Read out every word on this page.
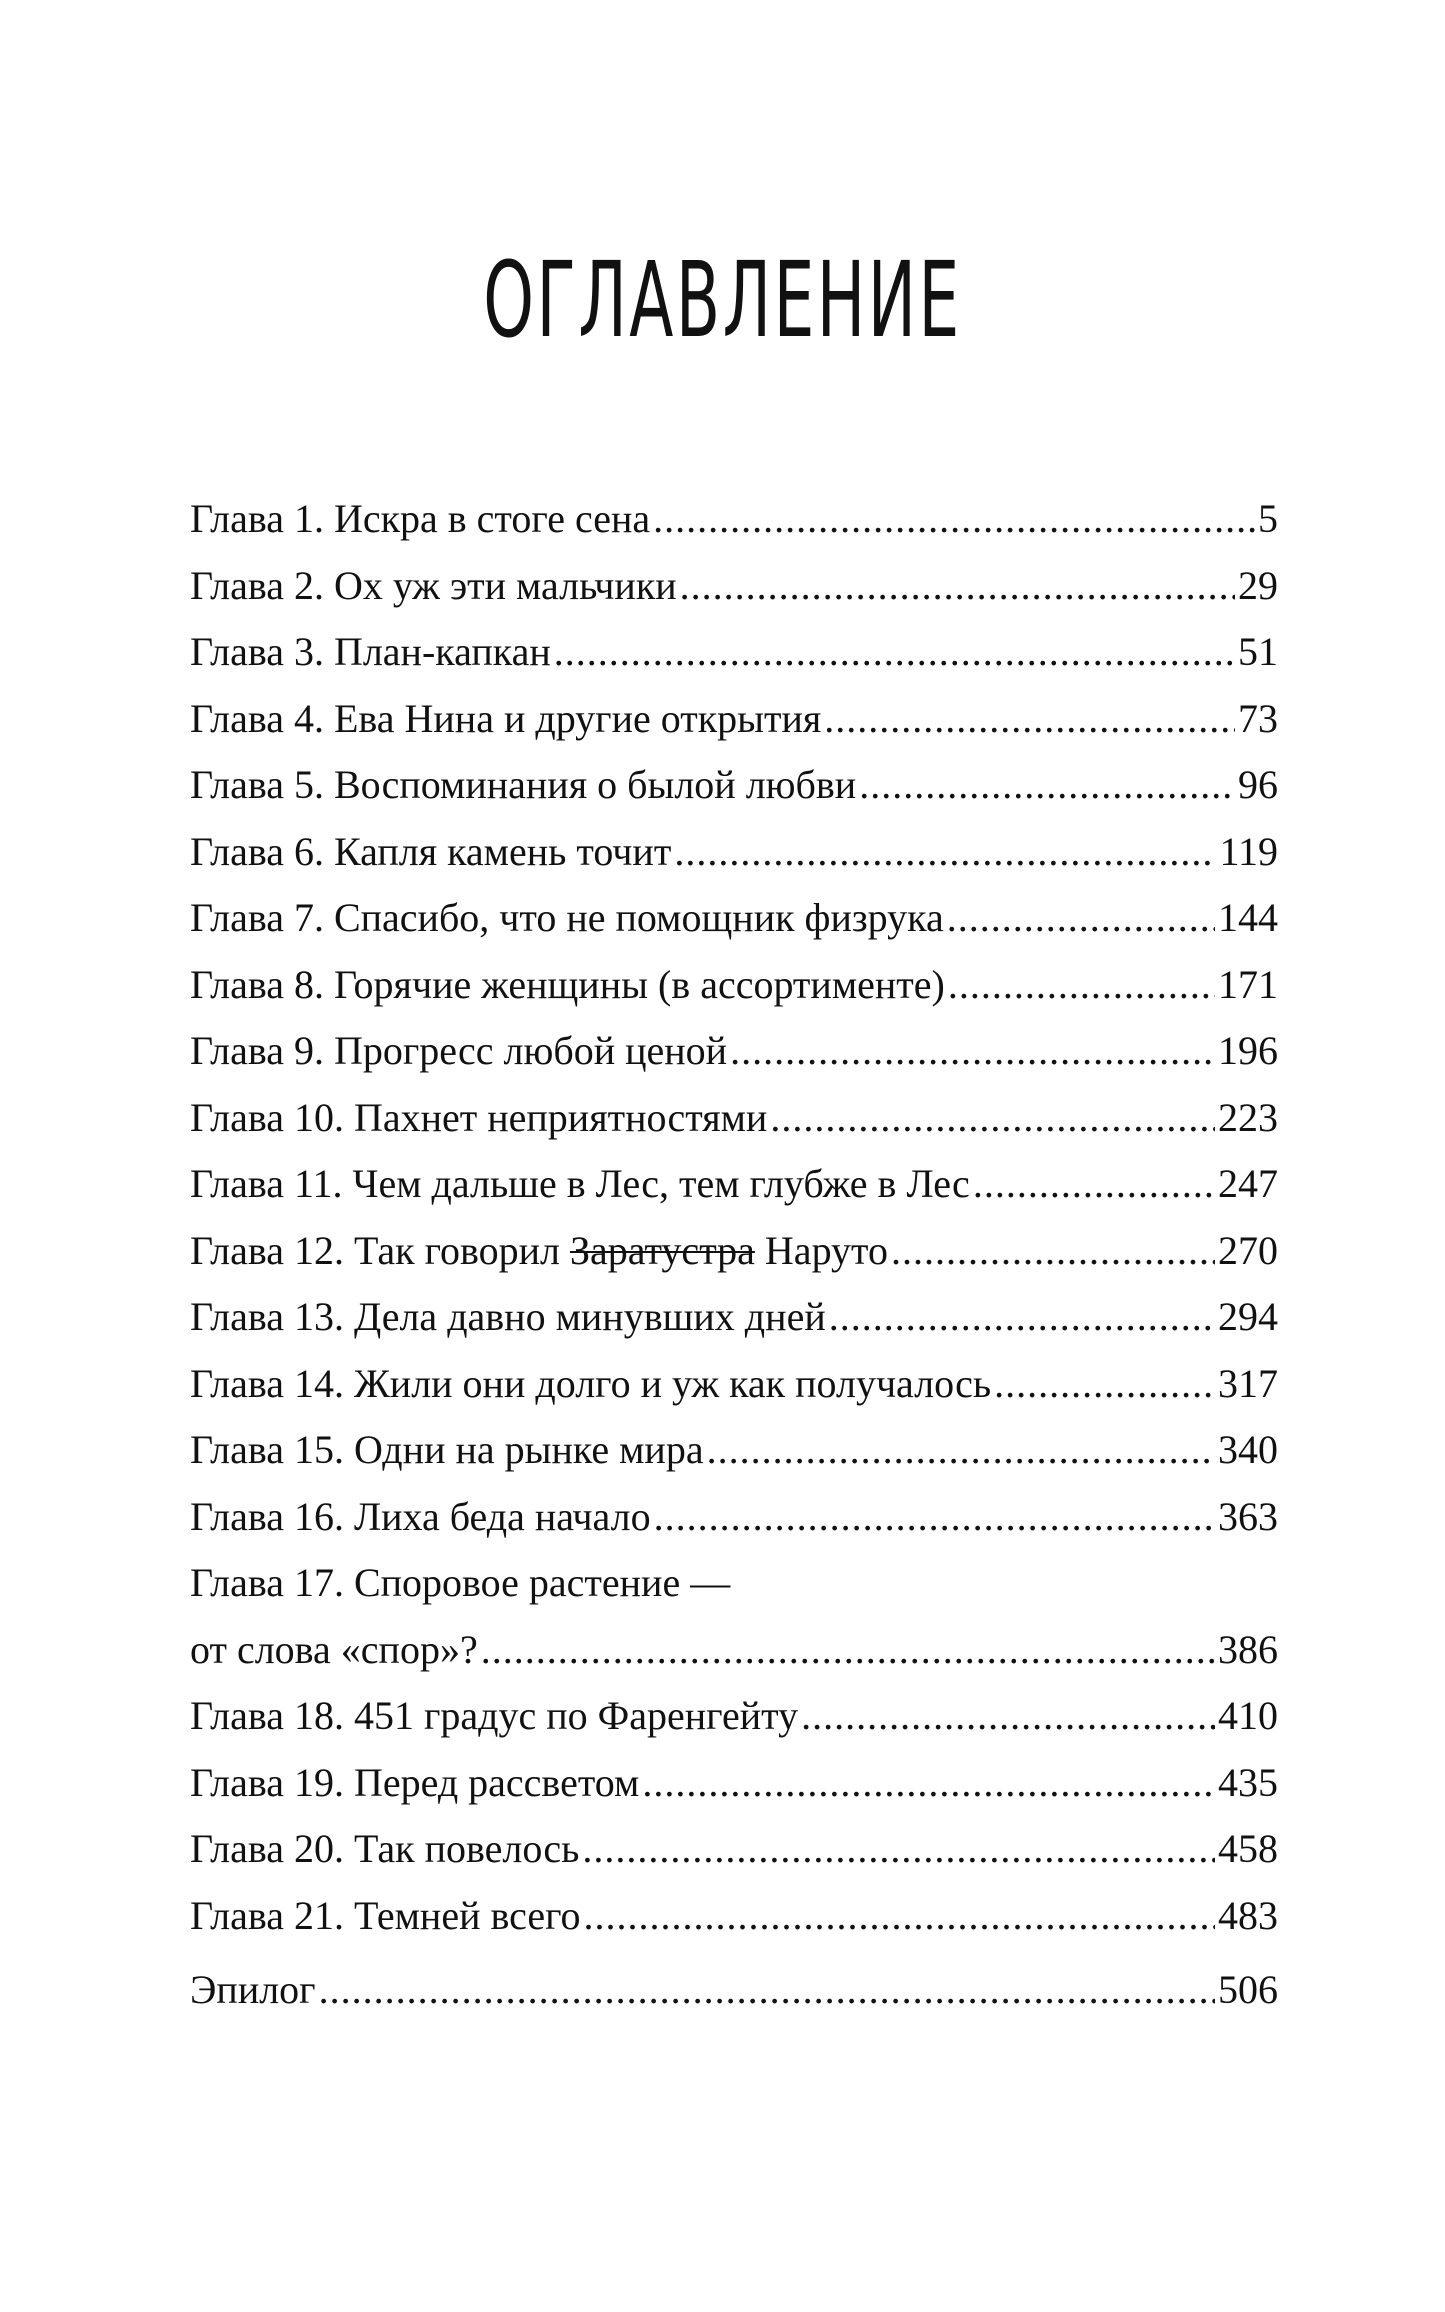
ОГЛАВЛЕНИЕ
Глава 1. Искра в стоге сена .....	5
Глава 2. Ох уж эти мальчики .....	29
Глава 3. План-капкан .....	51
Глава 4. Ева Нина и другие открытия .....	73
Глава 5. Воспоминания о былой любви .....	96
Глава 6. Капля камень точит .....	119
Глава 7. Спасибо, что не помощник физрука .....	144
Глава 8. Горячие женщины (в ассортименте) .....	171
Глава 9. Прогресс любой ценой .....	196
Глава 10. Пахнет неприятностями .....	223
Глава 11. Чем дальше в Лес, тем глубже в Лес .....	247
Глава 12. Так говорил Заратустра Наруто .....	270
Глава 13. Дела давно минувших дней .....	294
Глава 14. Жили они долго и уж как получалось .....	317
Глава 15. Одни на рынке мира .....	340
Глава 16. Лиха беда начало .....	363
Глава 17. Споровое растение —
от слова «спор»? .....	386
Глава 18. 451 градус по Фаренгейту .....	410
Глава 19. Перед рассветом .....	435
Глава 20. Так повелось .....	458
Глава 21. Темней всего .....	483
Эпилог .....	506
